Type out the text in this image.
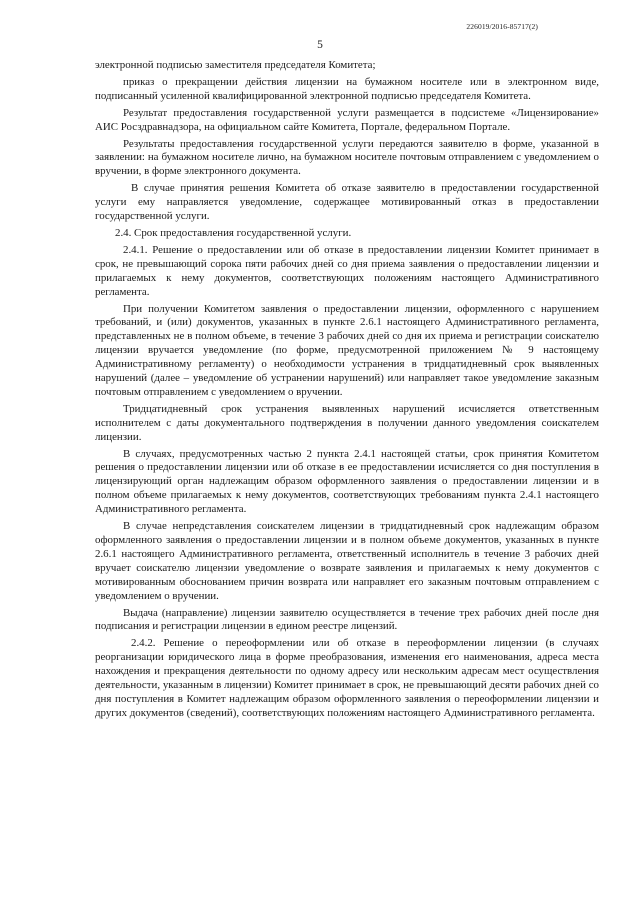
226019/2016-85717(2)
5

электронной подписью заместителя председателя Комитета;

приказ о прекращении действия лицензии на бумажном носителе или в электронном виде, подписанный усиленной квалифицированной электронной подписью председателя Комитета.

Результат предоставления государственной услуги размещается в подсистеме «Лицензирование» АИС Росздравнадзора, на официальном сайте Комитета, Портале, федеральном Портале.

Результаты предоставления государственной услуги передаются заявителю в форме, указанной в заявлении: на бумажном носителе лично, на бумажном носителе почтовым отправлением с уведомлением о вручении, в форме электронного документа.

В случае принятия решения Комитета об отказе заявителю в предоставлении государственной услуги ему направляется уведомление, содержащее мотивированный отказ в предоставлении государственной услуги.

2.4. Срок предоставления государственной услуги.

2.4.1. Решение о предоставлении или об отказе в предоставлении лицензии Комитет принимает в срок, не превышающий сорока пяти рабочих дней со дня приема заявления о предоставлении лицензии и прилагаемых к нему документов, соответствующих положениям настоящего Административного регламента.

При получении Комитетом заявления о предоставлении лицензии, оформленного с нарушением требований, и (или) документов, указанных в пункте 2.6.1 настоящего Административного регламента, представленных не в полном объеме, в течение 3 рабочих дней со дня их приема и регистрации соискателю лицензии вручается уведомление (по форме, предусмотренной приложением № 9 настоящему Административному регламенту) о необходимости устранения в тридцатидневный срок выявленных нарушений (далее – уведомление об устранении нарушений) или направляет такое уведомление заказным почтовым отправлением с уведомлением о вручении.

Тридцатидневный срок устранения выявленных нарушений исчисляется ответственным исполнителем с даты документального подтверждения в получении данного уведомления соискателем лицензии.

В случаях, предусмотренных частью 2 пункта 2.4.1 настоящей статьи, срок принятия Комитетом решения о предоставлении лицензии или об отказе в ее предоставлении исчисляется со дня поступления в лицензирующий орган надлежащим образом оформленного заявления о предоставлении лицензии и в полном объеме прилагаемых к нему документов, соответствующих требованиям пункта 2.4.1 настоящего Административного регламента.

В случае непредставления соискателем лицензии в тридцатидневный срок надлежащим образом оформленного заявления о предоставлении лицензии и в полном объеме документов, указанных в пункте 2.6.1 настоящего Административного регламента, ответственный исполнитель в течение 3 рабочих дней вручает соискателю лицензии уведомление о возврате заявления и прилагаемых к нему документов с мотивированным обоснованием причин возврата или направляет его заказным почтовым отправлением с уведомлением о вручении.

Выдача (направление) лицензии заявителю осуществляется в течение трех рабочих дней после дня подписания и регистрации лицензии в едином реестре лицензий.

2.4.2. Решение о переоформлении или об отказе в переоформлении лицензии (в случаях реорганизации юридического лица в форме преобразования, изменения его наименования, адреса места нахождения и прекращения деятельности по одному адресу или нескольким адресам мест осуществления деятельности, указанным в лицензии) Комитет принимает в срок, не превышающий десяти рабочих дней со дня поступления в Комитет надлежащим образом оформленного заявления о переоформлении лицензии и других документов (сведений), соответствующих положениям настоящего Административного регламента.
